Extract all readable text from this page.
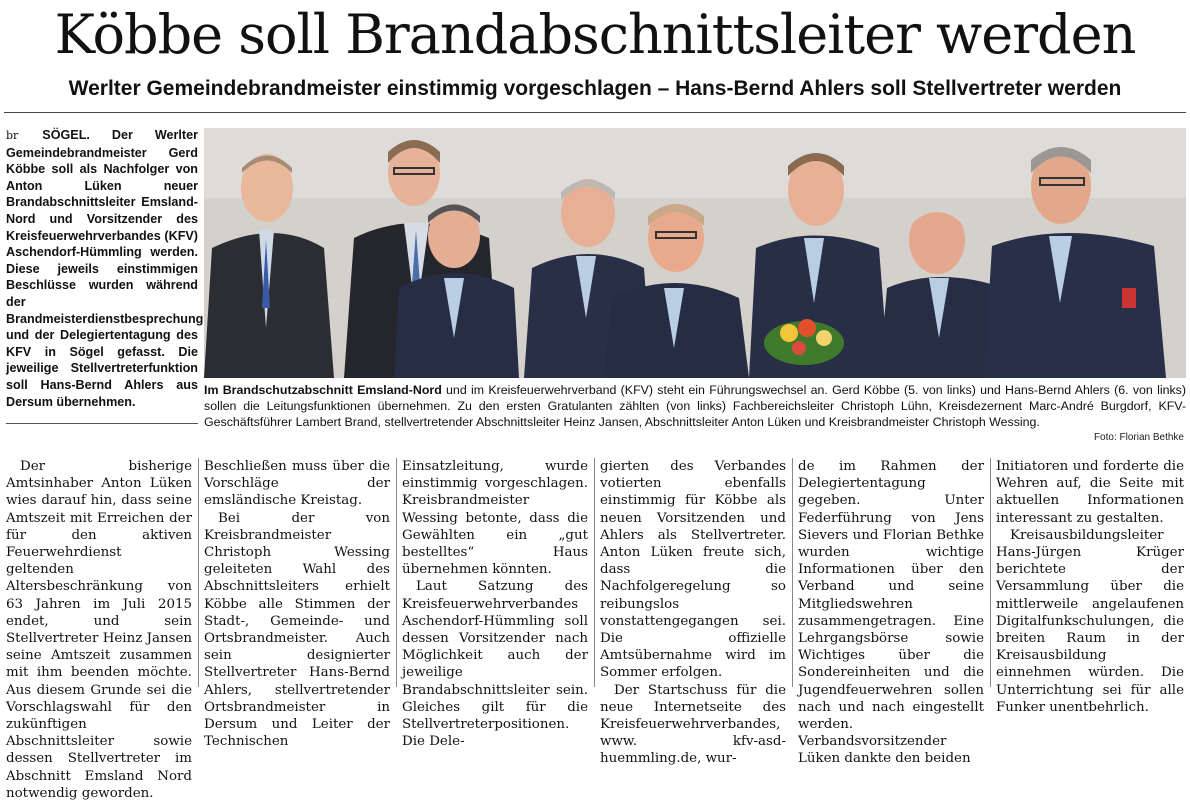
Köbbe soll Brandabschnittsleiter werden
Werlter Gemeindebrandmeister einstimmig vorgeschlagen – Hans-Bernd Ahlers soll Stellvertreter werden
br SÖGEL. Der Werlter Gemeindebrandmeister Gerd Köbbe soll als Nachfolger von Anton Lüken neuer Brandabschnittsleiter Emsland-Nord und Vorsitzender des Kreisfeuerwehrverbandes (KFV) Aschendorf-Hümmling werden. Diese jeweils einstimmigen Beschlüsse wurden während der Brandmeisterdienstbesprechung und der Delegiertentagung des KFV in Sögel gefasst. Die jeweilige Stellvertreterfunktion soll Hans-Bernd Ahlers aus Dersum übernehmen.
Im Brandschutzabschnitt Emsland-Nord und im Kreisfeuerwehrverband (KFV) steht ein Führungswechsel an. Gerd Köbbe (5. von links) und Hans-Bernd Ahlers (6. von links) sollen die Leitungsfunktionen übernehmen. Zu den ersten Gratulanten zählten (von links) Fachbereichsleiter Christoph Lühn, Kreisdezernent Marc-André Burgdorf, KFV-Geschäftsführer Lambert Brand, stellvertretender Abschnittsleiter Heinz Jansen, Abschnittsleiter Anton Lüken und Kreisbrandmeister Christoph Wessing.
Foto: Florian Bethke

Der bisherige Amtsinhaber Anton Lüken wies darauf hin, dass seine Amtszeit mit Erreichen der für den aktiven Feuerwehrdienst geltenden Altersbeschränkung von 63 Jahren im Juli 2015 endet, und sein Stellvertreter Heinz Jansen seine Amtszeit zusammen mit ihm beenden möchte. Aus diesem Grunde sei die Vorschlagswahl für den zukünftigen Abschnittsleiter sowie dessen Stellvertreter im Abschnitt Emsland Nord notwendig geworden.

Beschließen muss über die Vorschläge der emsländische Kreistag.

Bei der von Kreisbrandmeister Christoph Wessing geleiteten Wahl des Abschnittsleiters erhielt Köbbe alle Stimmen der Stadt-, Gemeinde- und Ortsbrandmeister. Auch sein designierter Stellvertreter Hans-Bernd Ahlers, stellvertretender Ortsbrandmeister in Dersum und Leiter der Technischen

Einsatzleitung, wurde einstimmig vorgeschlagen. Kreisbrandmeister Wessing betonte, dass die Gewählten ein „gut bestelltes“ Haus übernehmen könnten.

Laut Satzung des Kreisfeuerwehrverbandes Aschendorf-Hümmling soll dessen Vorsitzender nach Möglichkeit auch der jeweilige Brandabschnittsleiter sein. Gleiches gilt für die Stellvertreterpositionen. Die Dele-

gierten des Verbandes votierten ebenfalls einstimmig für Köbbe als neuen Vorsitzenden und Ahlers als Stellvertreter. Anton Lüken freute sich, dass die Nachfolgeregelung so reibungslos vonstattengegangen sei. Die offizielle Amtsübernahme wird im Sommer erfolgen.

Der Startschuss für die neue Internetseite des Kreisfeuerwehrverbandes, www. kfv-asd-huemmling.de, wur-

de im Rahmen der Delegiertentagung gegeben. Unter Federführung von Jens Sievers und Florian Bethke wurden wichtige Informationen über den Verband und seine Mitgliedswehren zusammengetragen. Eine Lehrgangsbörse sowie Wichtiges über die Sondereinheiten und die Jugendfeuerwehren sollen nach und nach eingestellt werden. Verbandsvorsitzender Lüken dankte den beiden

Initiatoren und forderte die Wehren auf, die Seite mit aktuellen Informationen interessant zu gestalten.

Kreisausbildungsleiter Hans-Jürgen Krüger berichtete der Versammlung über die mittlerweile angelaufenen Digitalfunkschulungen, die breiten Raum in der Kreisausbildung einnehmen würden. Die Unterrichtung sei für alle Funker unentbehrlich.
